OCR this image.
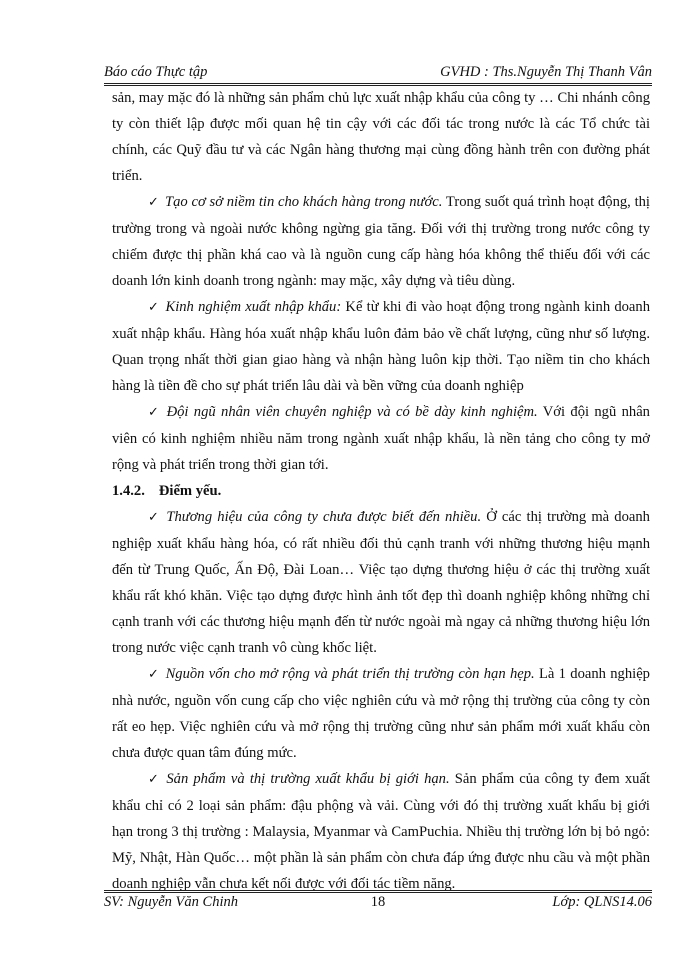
Báo cáo Thực tập	GVHD : Ths.Nguyễn Thị Thanh Vân

sản, may mặc đó là những sản phẩm chủ lực xuất nhập khẩu của công ty … Chi nhánh công ty còn thiết lập được mối quan hệ tin cậy với các đối tác trong nước là các Tổ chức tài chính, các Quỹ đầu tư và các Ngân hàng thương mại cùng đồng hành trên con đường phát triển.

✓ Tạo cơ sở niềm tin cho khách hàng trong nước. Trong suốt quá trình hoạt động, thị trường trong và ngoài nước không ngừng gia tăng. Đối với thị trường trong nước công ty chiếm được thị phần khá cao và là nguồn cung cấp hàng hóa không thể thiếu đối với các doanh lớn kinh doanh trong ngành: may mặc, xây dựng và tiêu dùng.

✓ Kinh nghiệm xuất nhập khẩu: Kể từ khi đi vào hoạt động trong ngành kinh doanh xuất nhập khẩu. Hàng hóa xuất nhập khẩu luôn đảm bảo về chất lượng, cũng như số lượng. Quan trọng nhất thời gian giao hàng và nhận hàng luôn kịp thời. Tạo niềm tin cho khách hàng là tiền đề cho sự phát triển lâu dài và bền vững của doanh nghiệp

✓ Đội ngũ nhân viên chuyên nghiệp và có bề dày kinh nghiệm. Với đội ngũ nhân viên có kinh nghiệm nhiều năm trong ngành xuất nhập khẩu, là nền tảng cho công ty mở rộng và phát triển trong thời gian tới.

1.4.2. Điểm yếu.

✓ Thương hiệu của công ty chưa được biết đến nhiều. Ở các thị trường mà doanh nghiệp xuất khẩu hàng hóa, có rất nhiều đối thủ cạnh tranh với những thương hiệu mạnh đến từ Trung Quốc, Ấn Độ, Đài Loan… Việc tạo dựng thương hiệu ở các thị trường xuất khẩu rất khó khăn. Việc tạo dựng được hình ảnh tốt đẹp thì doanh nghiệp không những chỉ cạnh tranh với các thương hiệu mạnh đến từ nước ngoài mà ngay cả những thương hiệu lớn trong nước việc cạnh tranh vô cùng khốc liệt.

✓ Nguồn vốn cho mở rộng và phát triển thị trường còn hạn hẹp. Là 1 doanh nghiệp nhà nước, nguồn vốn cung cấp cho việc nghiên cứu và mở rộng thị trường của công ty còn rất eo hẹp. Việc nghiên cứu và mở rộng thị trường cũng như sản phẩm mới xuất khẩu còn chưa được quan tâm đúng mức.

✓ Sản phẩm và thị trường xuất khẩu bị giới hạn. Sản phẩm của công ty đem xuất khẩu chỉ có 2 loại sản phẩm: đậu phộng và vải. Cùng với đó thị trường xuất khẩu bị giới hạn trong 3 thị trường : Malaysia, Myanmar và CamPuchia. Nhiều thị trường lớn bị bỏ ngỏ: Mỹ, Nhật, Hàn Quốc… một phần là sản phẩm còn chưa đáp ứng được nhu cầu và một phần doanh nghiệp vẫn chưa kết nối được với đối tác tiềm năng.

SV: Nguyễn Văn Chinh	18	Lớp: QLNS14.06
